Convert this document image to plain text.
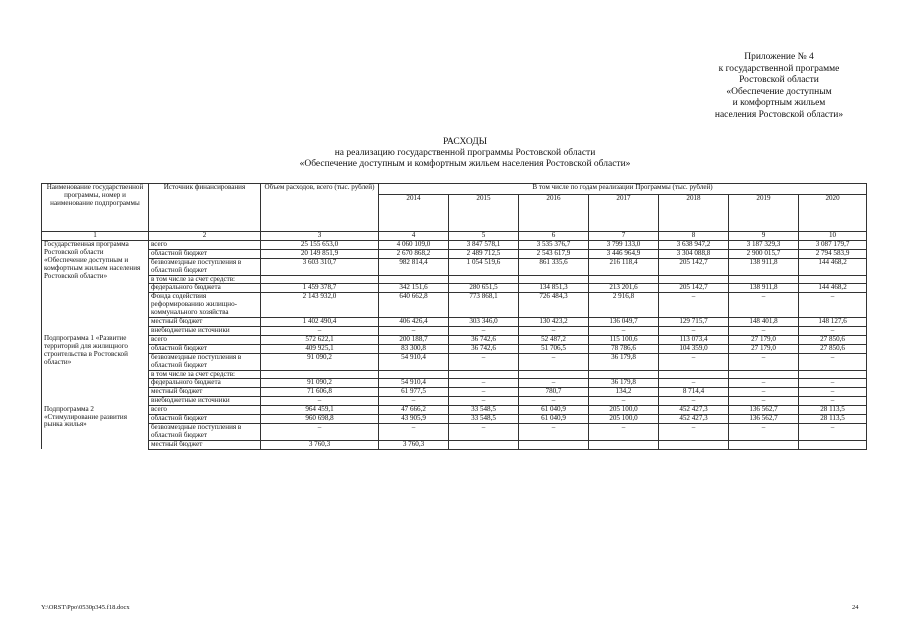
Приложение № 4
к государственной программе
Ростовской области
«Обеспечение доступным
и комфортным жильем
населения Ростовской области»
РАСХОДЫ
на реализацию государственной программы Ростовской области
«Обеспечение доступным и комфортным жильем населения Ростовской области»
Наименование государственной программы, номер и наименование подпрограммы	Источник финансирования	Объем расходов, всего (тыс. рублей)	В том числе по годам реализации Программы (тыс. рублей)						
			2014	2015	2016	2017	2018	2019	2020
1	2	3	4	5	6	7	8	9	10
Государственная программа Ростовской области «Обеспечение доступным и комфортным жильем населения Ростовской области»	всего	25 155 653,0	4 060 109,0	3 847 578,1	3 535 376,7	3 799 133,0	3 638 947,2	3 187 329,3	3 087 179,7
	областной бюджет	20 149 851,9	2 670 868,2	2 489 712,5	2 543 617,9	3 446 964,9	3 304 088,8	2 900 015,7	2 794 583,9
	безвозмездные поступления в областной бюджет	3 603 310,7	982 814,4	1 054 519,6	861 335,6	216 118,4	205 142,7	138 911,8	144 468,2
	в том числе за счет средств:								
	федерального бюджета	1 459 378,7	342 151,6	280 651,5	134 851,3	213 201,6	205 142,7	138 911,8	144 468,2
	Фонда содействия реформированию жилищно-коммунального хозяйства	2 143 932,0	640 662,8	773 868,1	726 484,3	2 916,8	–	–	–
	местный бюджет	1 402 490,4	406 426,4	303 346,0	130 423,2	136 049,7	129 715,7	148 401,8	148 127,6
	внебюджетные источники	–	–	–	–	–	–	–	–
Подпрограмма 1 «Развитие территорий для жилищного строительства в Ростовской области»	всего	572 622,1	200 188,7	36 742,6	52 487,2	115 100,6	113 073,4	27 179,0	27 850,6
	областной бюджет	409 925,1	83 300,8	36 742,6	51 706,5	78 786,6	104 359,0	27 179,0	27 850,6
	безвозмездные поступления в областной бюджет	91 090,2	54 910,4	–	–	36 179,8	–	–	–
	в том числе за счет средств:								
	федерального бюджета	91 090,2	54 910,4	–	–	36 179,8	–	–	–
	местный бюджет	71 606,8	61 977,5	–	780,7	134,2	8 714,4	–	–
	внебюджетные источники	–	–	–	–	–	–	–	–
Подпрограмма 2 «Стимулирование развития рынка жилья»	всего	964 459,1	47 666,2	33 548,5	61 040,9	205 100,0	452 427,3	136 562,7	28 113,5
	областной бюджет	960 698,8	43 905,9	33 548,5	61 040,9	205 100,0	452 427,3	136 562,7	28 113,5
	безвозмездные поступления в областной бюджет	–	–	–	–	–	–	–	–
	местный бюджет	3 760,3	3 760,3						
Y:\ORST\Ppo\0530p345.f18.docx	24
